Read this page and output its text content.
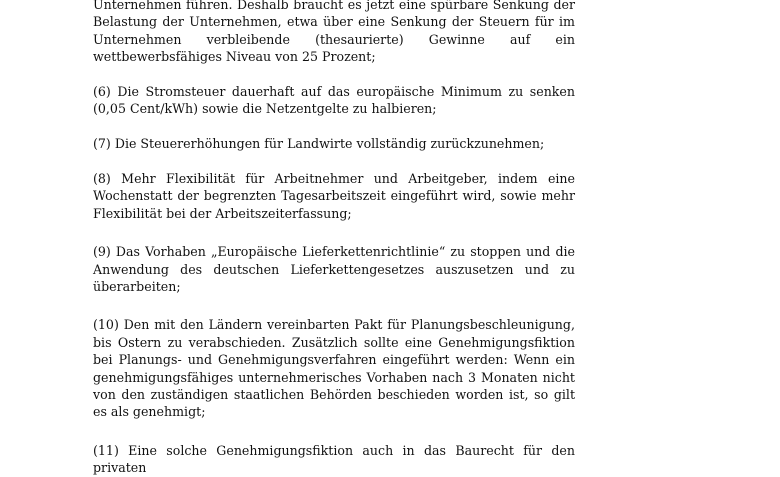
Unternehmen führen. Deshalb braucht es jetzt eine spürbare Senkung der Belastung der Unternehmen, etwa über eine Senkung der Steuern für im Unternehmen verbleibende (thesaurierte) Gewinne auf ein wettbewerbsfähiges Niveau von 25 Prozent;

(6) Die Stromsteuer dauerhaft auf das europäische Minimum zu senken (0,05 Cent/kWh) sowie die Netzentgelte zu halbieren;

(7) Die Steuererhöhungen für Landwirte vollständig zurückzunehmen;

(8) Mehr Flexibilität für Arbeitnehmer und Arbeitgeber, indem eine Wochenstatt der begrenzten Tagesarbeitszeit eingeführt wird, sowie mehr Flexibilität bei der Arbeitszeiterfassung;

(9) Das Vorhaben „Europäische Lieferkettenrichtlinie“ zu stoppen und die Anwendung des deutschen Lieferkettengesetzes auszusetzen und zu überarbeiten;

(10) Den mit den Ländern vereinbarten Pakt für Planungsbeschleunigung, bis Ostern zu verabschieden. Zusätzlich sollte eine Genehmigungsfiktion bei Planungs- und Genehmigungsverfahren eingeführt werden: Wenn ein genehmigungsfähiges unternehmerisches Vorhaben nach 3 Monaten nicht von den zuständigen staatlichen Behörden beschieden worden ist, so gilt es als genehmigt;

(11) Eine solche Genehmigungsfiktion auch in das Baurecht für den privaten
